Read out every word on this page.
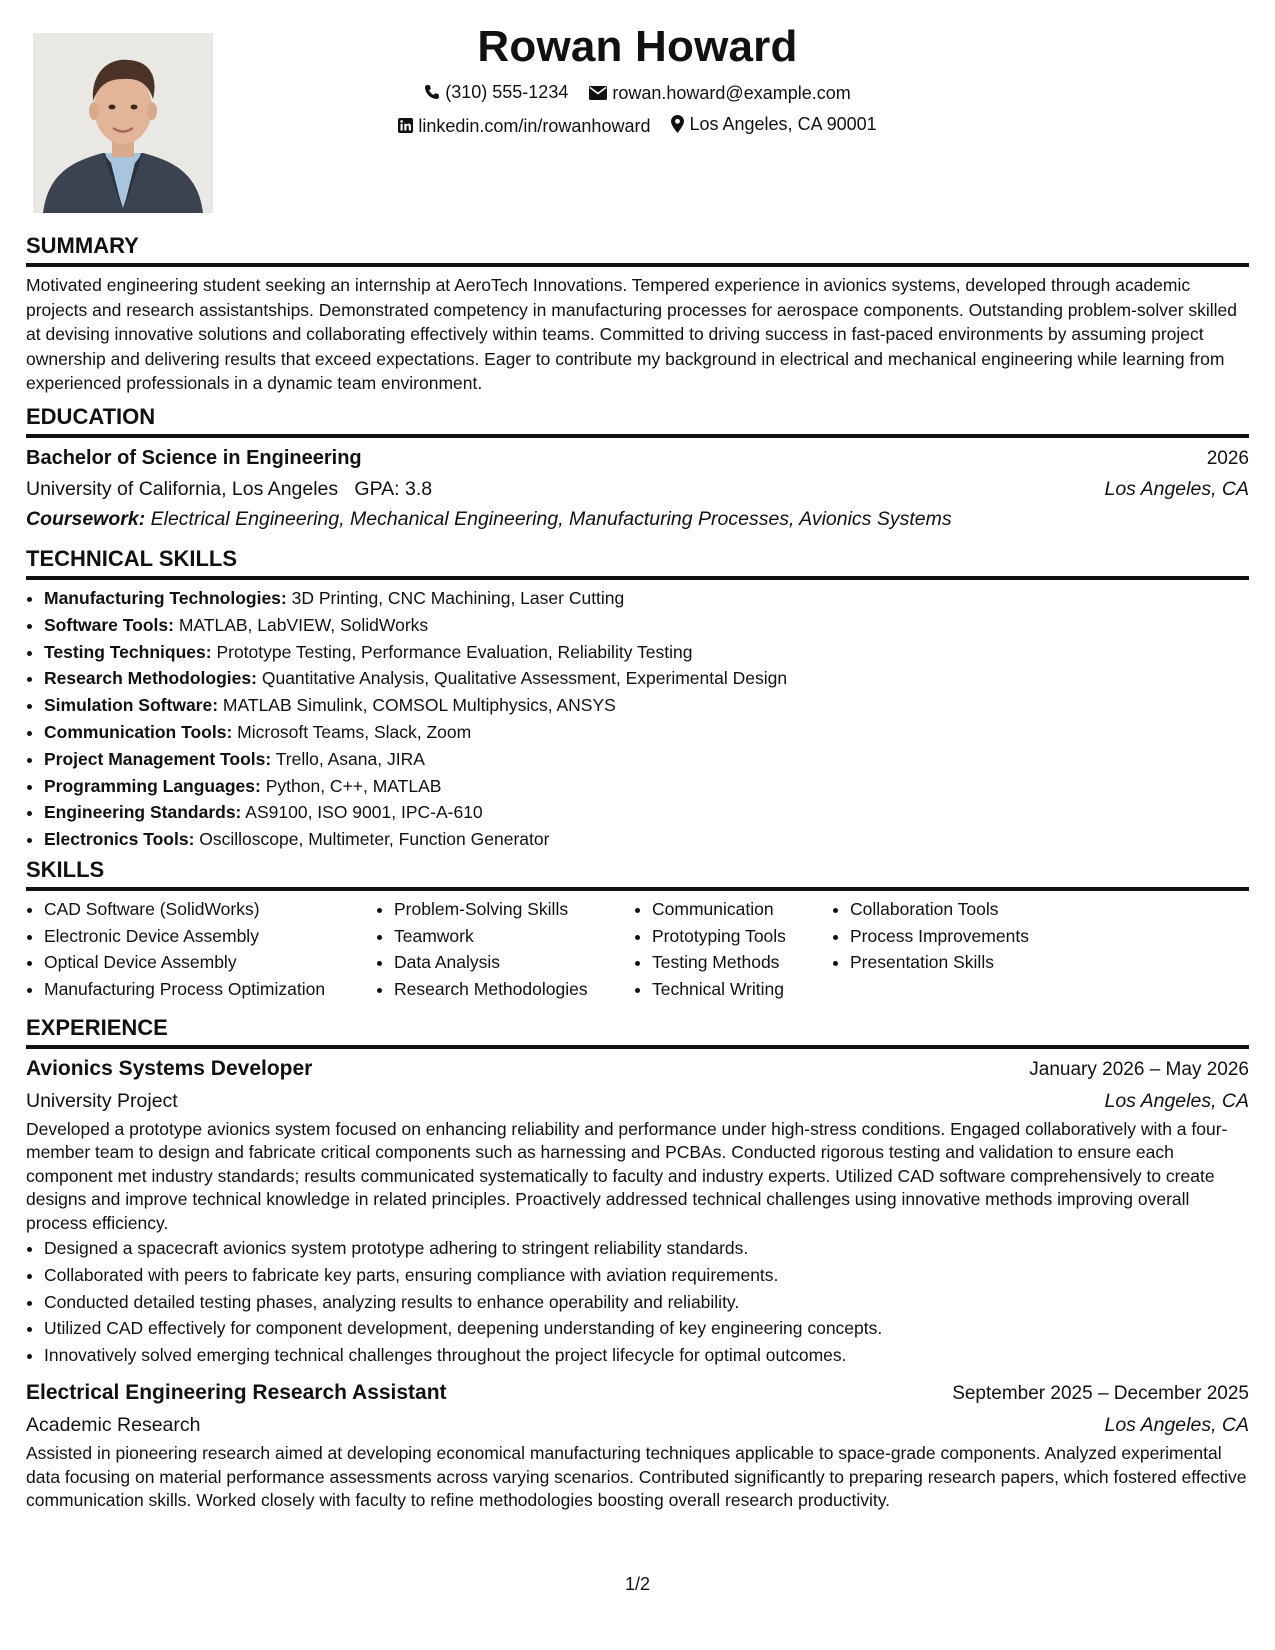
Rowan Howard
(310) 555-1234
rowan.howard@example.com
linkedin.com/in/rowanhoward
Los Angeles, CA 90001
SUMMARY

Motivated engineering student seeking an internship at AeroTech Innovations. Tempered experience in avionics systems, developed through academic projects and research assistantships. Demonstrated competency in manufacturing processes for aerospace components. Outstanding problem-solver skilled at devising innovative solutions and collaborating effectively within teams. Committed to driving success in fast-paced environments by assuming project ownership and delivering results that exceed expectations. Eager to contribute my background in electrical and mechanical engineering while learning from experienced professionals in a dynamic team environment.

EDUCATION
Bachelor of Science in Engineering	2026
University of California, Los Angeles GPA: 3.8	Los Angeles, CA
Coursework: Electrical Engineering, Mechanical Engineering, Manufacturing Processes, Avionics Systems
TECHNICAL SKILLS
• Manufacturing Technologies: 3D Printing, CNC Machining, Laser Cutting
• Software Tools: MATLAB, LabVIEW, SolidWorks
• Testing Techniques: Prototype Testing, Performance Evaluation, Reliability Testing
• Research Methodologies: Quantitative Analysis, Qualitative Assessment, Experimental Design
• Simulation Software: MATLAB Simulink, COMSOL Multiphysics, ANSYS
• Communication Tools: Microsoft Teams, Slack, Zoom
• Project Management Tools: Trello, Asana, JIRA
• Programming Languages: Python, C++, MATLAB
• Engineering Standards: AS9100, ISO 9001, IPC-A-610
• Electronics Tools: Oscilloscope, Multimeter, Function Generator
SKILLS
• CAD Software (SolidWorks)
• Electronic Device Assembly
• Optical Device Assembly
• Manufacturing Process Optimization
• Problem-Solving Skills
• Teamwork
• Data Analysis
• Research Methodologies
• Communication
• Prototyping Tools
• Testing Methods
• Technical Writing
• Collaboration Tools
• Process Improvements
• Presentation Skills
EXPERIENCE
Avionics Systems Developer	January 2026 – May 2026
University Project	Los Angeles, CA

Developed a prototype avionics system focused on enhancing reliability and performance under high-stress conditions. Engaged collaboratively with a four-member team to design and fabricate critical components such as harnessing and PCBAs. Conducted rigorous testing and validation to ensure each component met industry standards; results communicated systematically to faculty and industry experts. Utilized CAD software comprehensively to create designs and improve technical knowledge in related principles. Proactively addressed technical challenges using innovative methods improving overall process efficiency.

• Designed a spacecraft avionics system prototype adhering to stringent reliability standards.
• Collaborated with peers to fabricate key parts, ensuring compliance with aviation requirements.
• Conducted detailed testing phases, analyzing results to enhance operability and reliability.
• Utilized CAD effectively for component development, deepening understanding of key engineering concepts.
• Innovatively solved emerging technical challenges throughout the project lifecycle for optimal outcomes.
Electrical Engineering Research Assistant	September 2025 – December 2025
Academic Research	Los Angeles, CA

Assisted in pioneering research aimed at developing economical manufacturing techniques applicable to space-grade components. Analyzed experimental data focusing on material performance assessments across varying scenarios. Contributed significantly to preparing research papers, which fostered effective communication skills. Worked closely with faculty to refine methodologies boosting overall research productivity.

1/2
